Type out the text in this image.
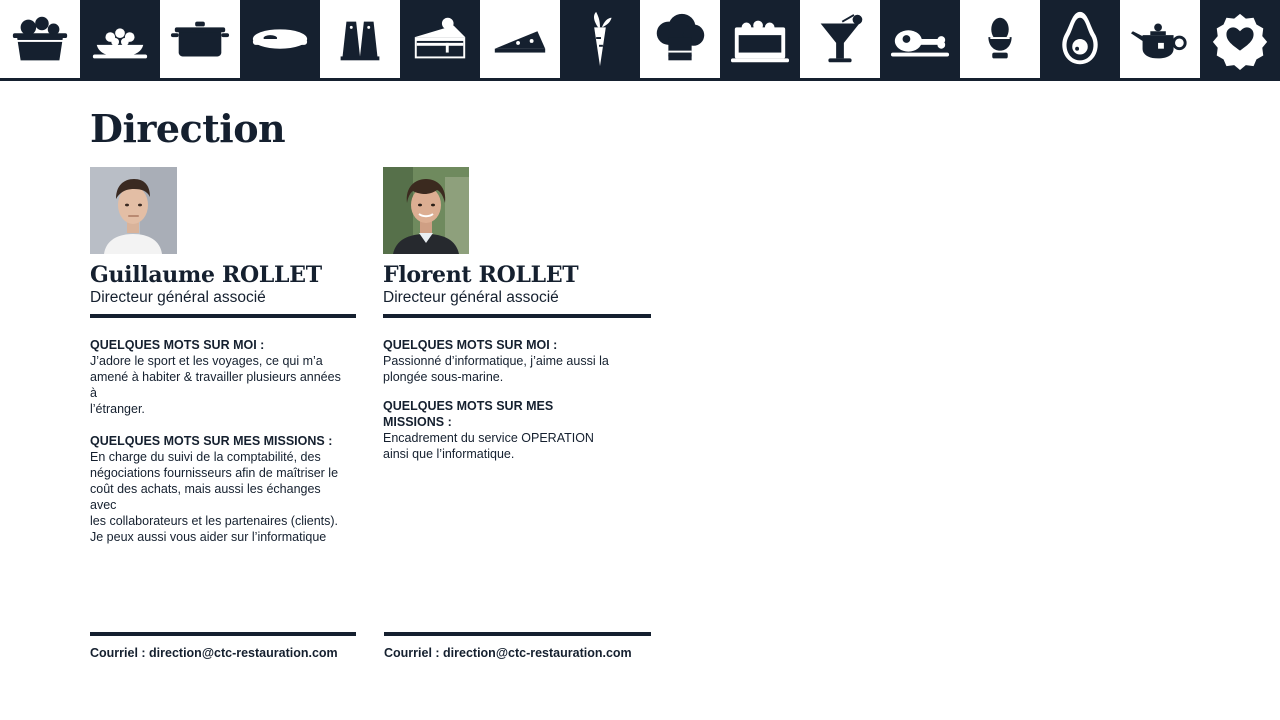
Direction
Guillaume ROLLET
Directeur général associé
QUELQUES MOTS SUR MOI :
J’adore le sport et les voyages, ce qui m’a amené à habiter & travailler plusieurs années à
l’étranger.
QUELQUES MOTS SUR MES MISSIONS :
En charge du suivi de la comptabilité, des négociations fournisseurs afin de maîtriser le
coût des achats, mais aussi les échanges avec
les collaborateurs et les partenaires (clients).
Je peux aussi vous aider sur l’informatique
Florent ROLLET
Directeur général associé
QUELQUES MOTS SUR MOI :
Passionné d’informatique, j’aime aussi la plongée sous-marine.
QUELQUES MOTS SUR MES MISSIONS :
Encadrement du service OPERATION ainsi que l’informatique.
Courriel : direction@ctc-restauration.com	Courriel : direction@ctc-restauration.com
